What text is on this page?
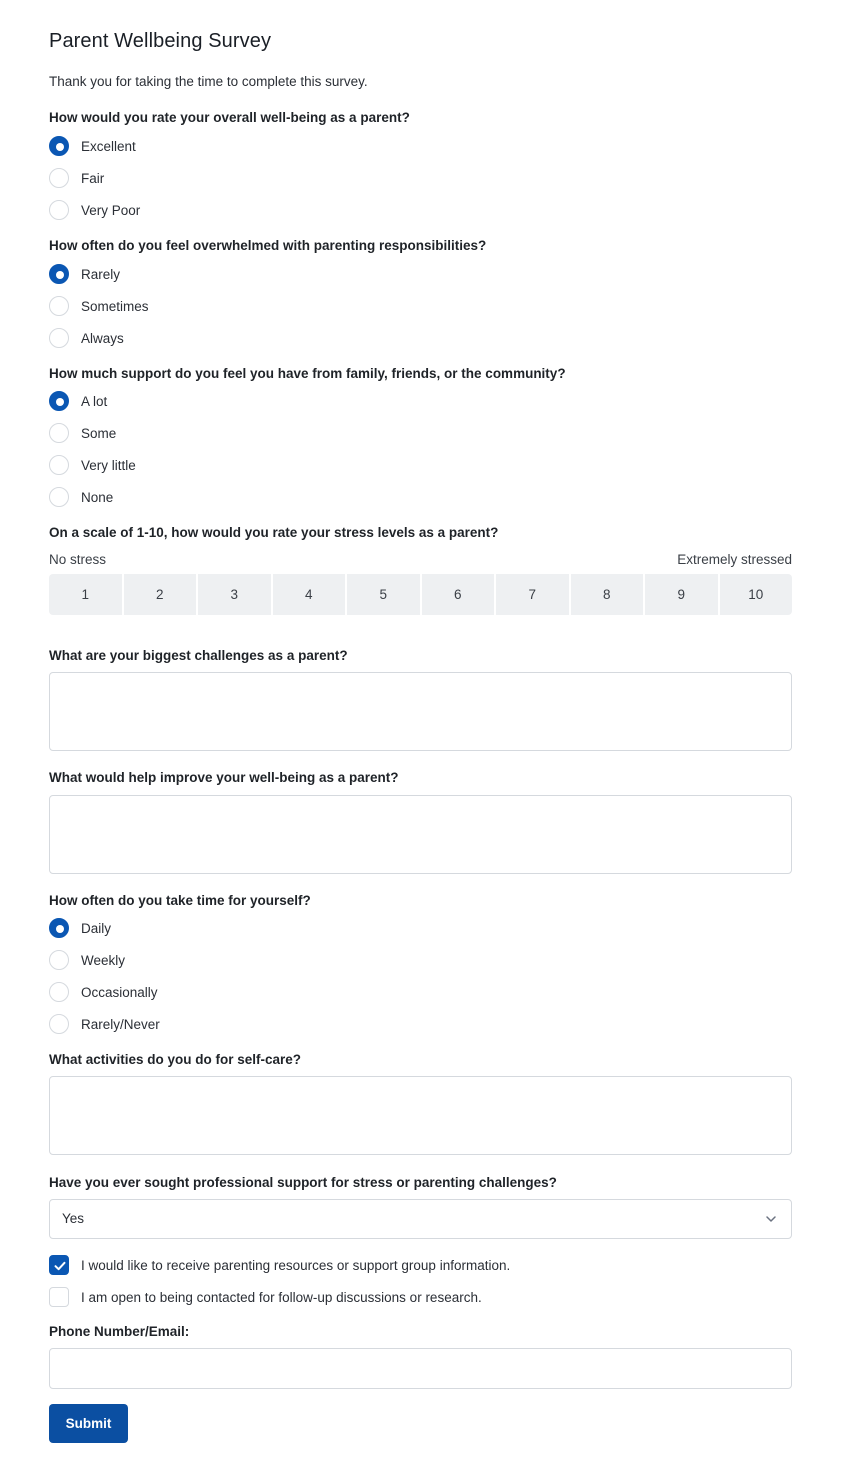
Parent Wellbeing Survey
Thank you for taking the time to complete this survey.
How would you rate your overall well-being as a parent?
Excellent
Fair
Very Poor
How often do you feel overwhelmed with parenting responsibilities?
Rarely
Sometimes
Always
How much support do you feel you have from family, friends, or the community?
A lot
Some
Very little
None
On a scale of 1-10, how would you rate your stress levels as a parent?
No stress	Extremely stressed
1	2	3	4	5	6	7	8	9	10
What are your biggest challenges as a parent?
What would help improve your well-being as a parent?
How often do you take time for yourself?
Daily
Weekly
Occasionally
Rarely/Never
What activities do you do for self-care?
Have you ever sought professional support for stress or parenting challenges?
Yes
I would like to receive parenting resources or support group information.
I am open to being contacted for follow-up discussions or research.
Phone Number/Email:
Submit
